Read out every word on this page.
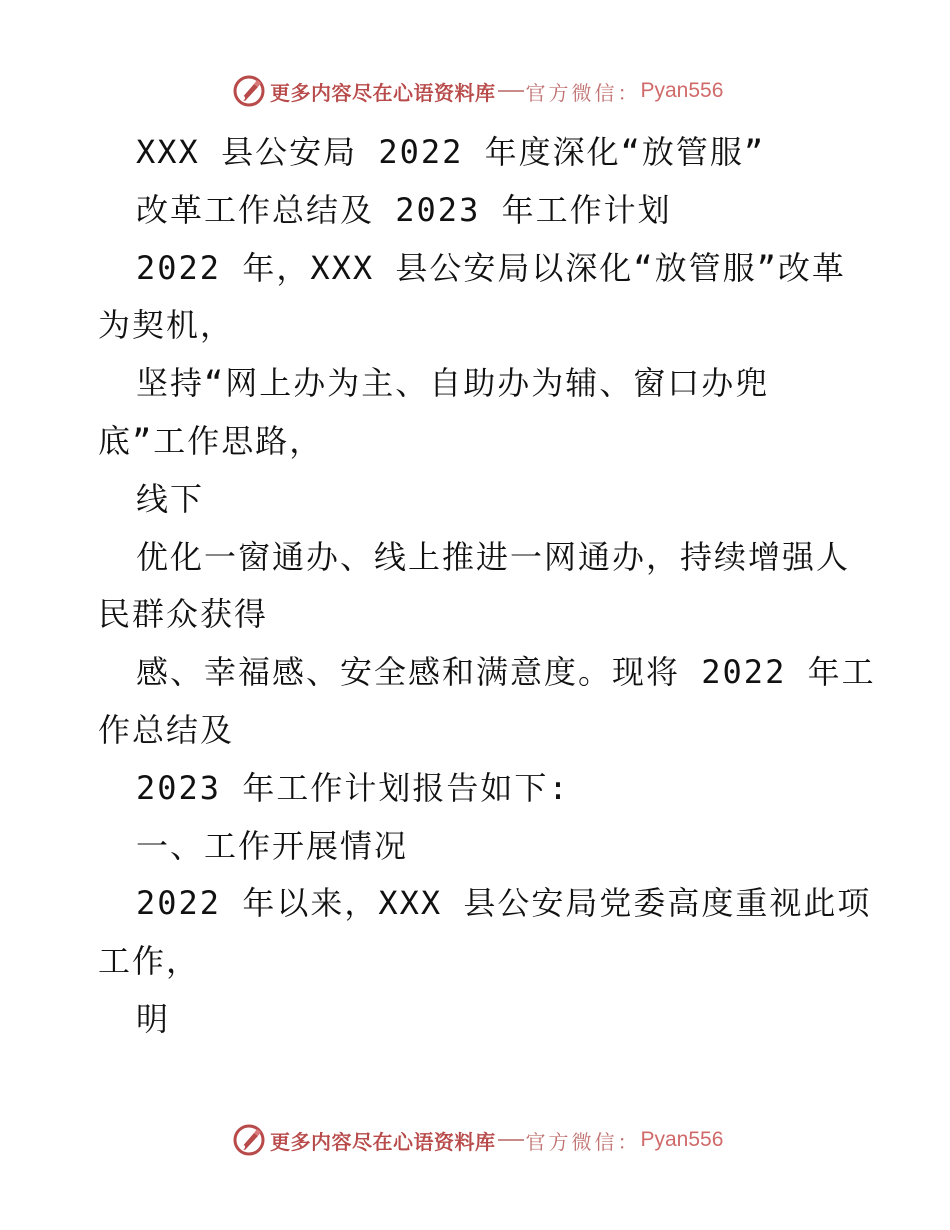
更多内容尽在心语资料库 官方微信： Pyan556
XXX 县公安局 2022 年度深化“放管服”
改革工作总结及 2023 年工作计划
2022 年，XXX 县公安局以深化“放管服”改革
为契机，
坚持“网上办为主、自助办为辅、窗口办兜
底”工作思路，
线下
优化一窗通办、线上推进一网通办，持续增强人
民群众获得
感、幸福感、安全感和满意度。现将 2022 年工
作总结及
2023 年工作计划报告如下:
一、工作开展情况
2022 年以来，XXX 县公安局党委高度重视此项
工作，
明
更多内容尽在心语资料库 官方微信： Pyan556
